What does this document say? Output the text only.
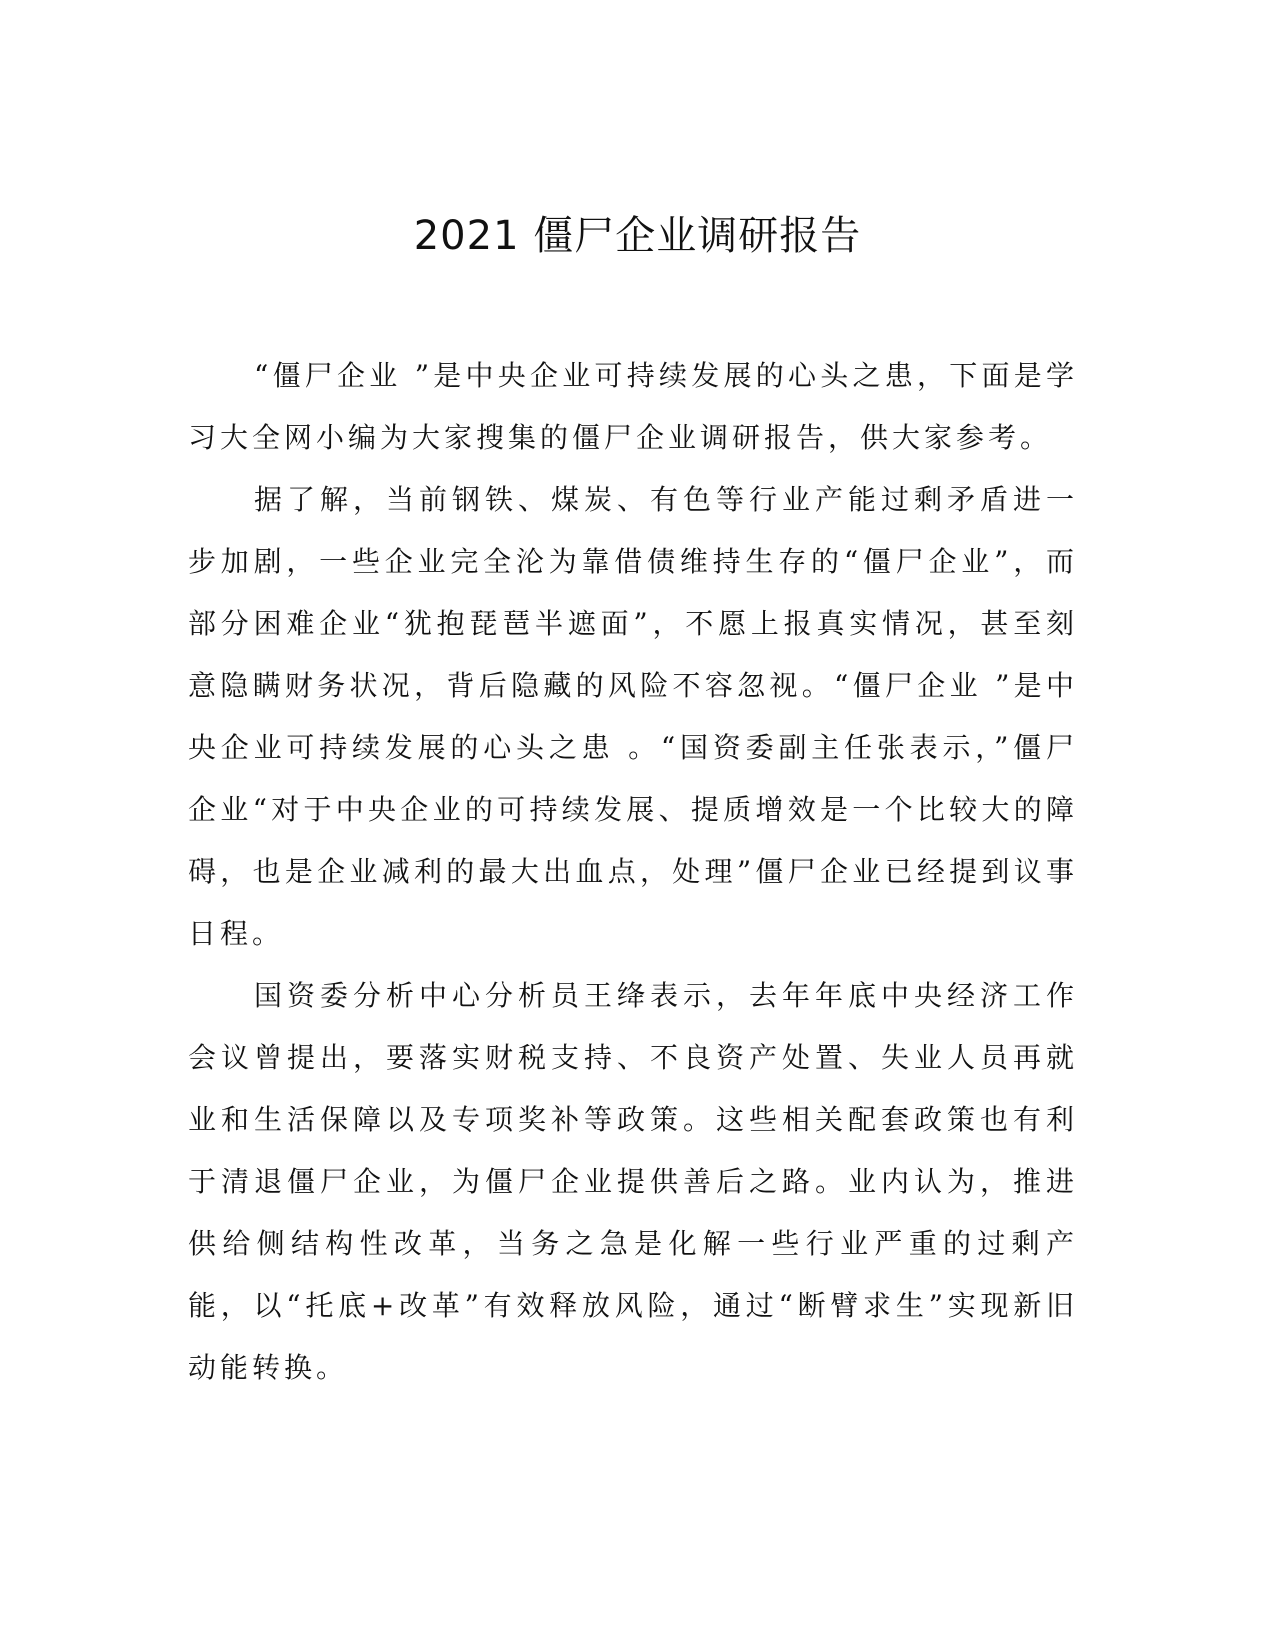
2021 僵尸企业调研报告

“僵尸企业 ”是中央企业可持续发展的心头之患，下面是学习大全网小编为大家搜集的僵尸企业调研报告，供大家参考。

据了解，当前钢铁、煤炭、有色等行业产能过剩矛盾进一步加剧，一些企业完全沦为靠借债维持生存的“僵尸企业”，而部分困难企业“犹抱琵琶半遮面”，不愿上报真实情况，甚至刻意隐瞒财务状况，背后隐藏的风险不容忽视。“僵尸企业 ”是中央企业可持续发展的心头之患 。“国资委副主任张表示，”僵尸企业“对于中央企业的可持续发展、提质增效是一个比较大的障碍，也是企业减利的最大出血点，处理”僵尸企业已经提到议事日程。

国资委分析中心分析员王绛表示，去年年底中央经济工作会议曾提出，要落实财税支持、不良资产处置、失业人员再就业和生活保障以及专项奖补等政策。这些相关配套政策也有利于清退僵尸企业，为僵尸企业提供善后之路。业内认为，推进供给侧结构性改革，当务之急是化解一些行业严重的过剩产能，以“托底+改革”有效释放风险，通过“断臂求生”实现新旧动能转换。
